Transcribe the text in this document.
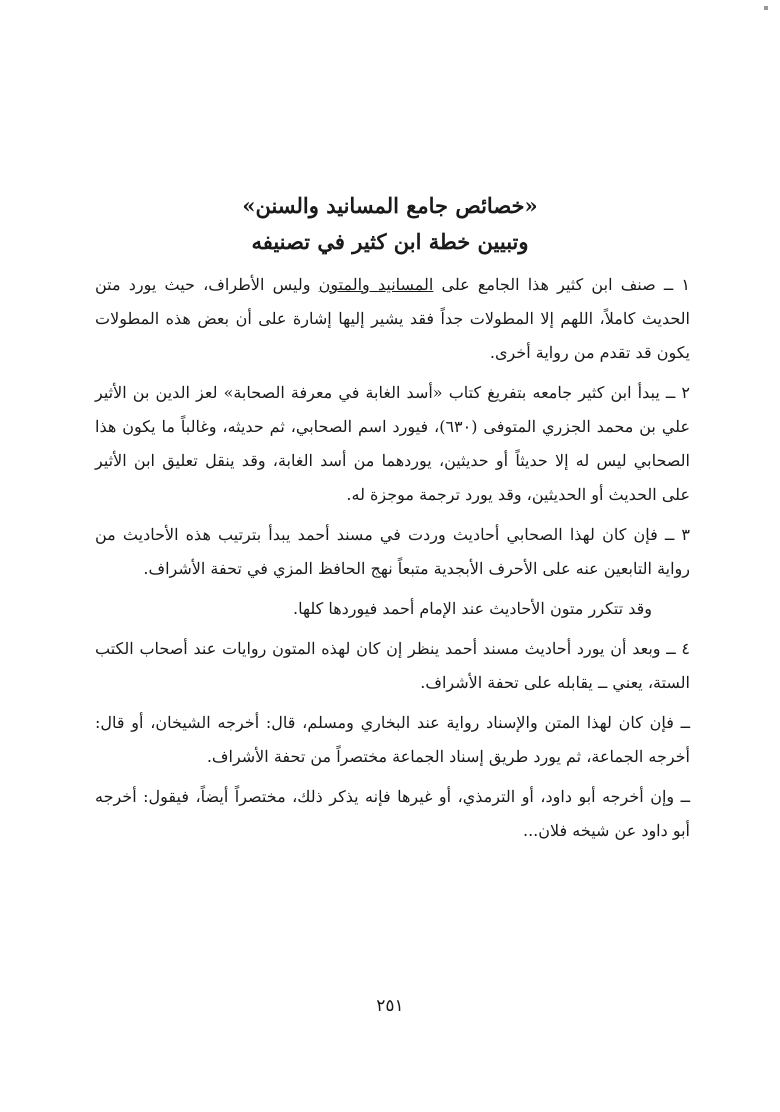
«خصائص جامع المسانيد والسنن»
وتبيين خطة ابن كثير في تصنيفه

١ ــ صنف ابن كثير هذا الجامع على المسانيد والمتون وليس الأطراف، حيث يورد متن الحديث كاملاً، اللهم إلا المطولات جداً فقد يشير إليها إشارة على أن بعض هذه المطولات يكون قد تقدم من رواية أخرى.

٢ ــ يبدأ ابن كثير جامعه بتفريغ كتاب «أسد الغابة في معرفة الصحابة» لعز الدين بن الأثير علي بن محمد الجزري المتوفى (٦٣٠)، فيورد اسم الصحابي، ثم حديثه، وغالباً ما يكون هذا الصحابي ليس له إلا حديثاً أو حديثين، يوردهما من أسد الغابة، وقد ينقل تعليق ابن الأثير على الحديث أو الحديثين، وقد يورد ترجمة موجزة له.

٣ ــ فإن كان لهذا الصحابي أحاديث وردت في مسند أحمد يبدأ بترتيب هذه الأحاديث من رواية التابعين عنه على الأحرف الأبجدية متبعاً نهج الحافظ المزي في تحفة الأشراف.

وقد تتكرر متون الأحاديث عند الإمام أحمد فيوردها كلها.

٤ ــ وبعد أن يورد أحاديث مسند أحمد ينظر إن كان لهذه المتون روايات عند أصحاب الكتب الستة، يعني ــ يقابله على تحفة الأشراف.

ــ فإن كان لهذا المتن والإسناد رواية عند البخاري ومسلم، قال: أخرجه الشيخان، أو قال: أخرجه الجماعة، ثم يورد طريق إسناد الجماعة مختصراً من تحفة الأشراف.

ــ وإن أخرجه أبو داود، أو الترمذي، أو غيرها فإنه يذكر ذلك، مختصراً أيضاً، فيقول: أخرجه أبو داود عن شيخه فلان...

٢٥١
